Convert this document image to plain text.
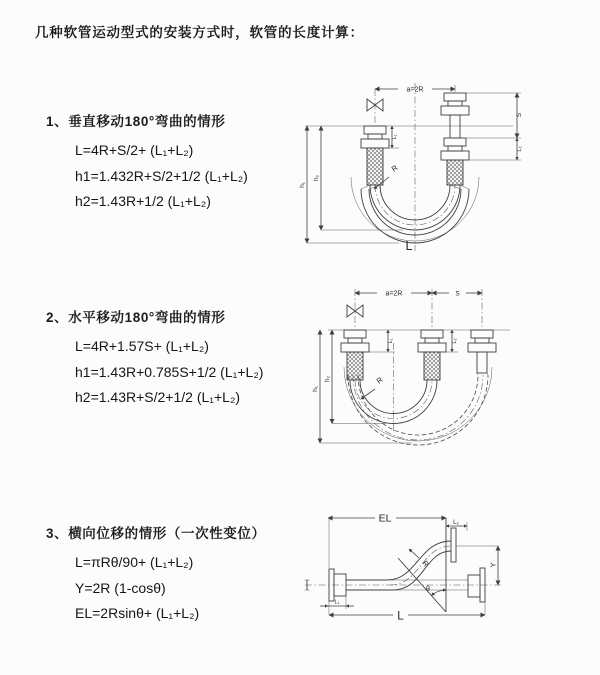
几种软管运动型式的安装方式时，软管的长度计算：
1、垂直移动180°弯曲的情形
L=4R+S/2+ (L₁+L₂)
h1=1.432R+S/2+1/2 (L₁+L₂)
h2=1.43R+1/2 (L₁+L₂)
2、水平移动180°弯曲的情形
L=4R+1.57S+ (L₁+L₂)
h1=1.43R+0.785S+1/2 (L₁+L₂)
h2=1.43R+S/2+1/2 (L₁+L₂)
3、横向位移的情形（一次性变位）
L=πRθ/90+ (L₁+L₂)
Y=2R (1-cosθ)
EL=2Rsinθ+ (L₁+L₂)
a=2R
h₁
h₂
L₁
S
L₂
R
L
a=2R	S
h₁
h₂
L₁	L₂
R
EL	L₂
Y
θ
R
L
L₁
